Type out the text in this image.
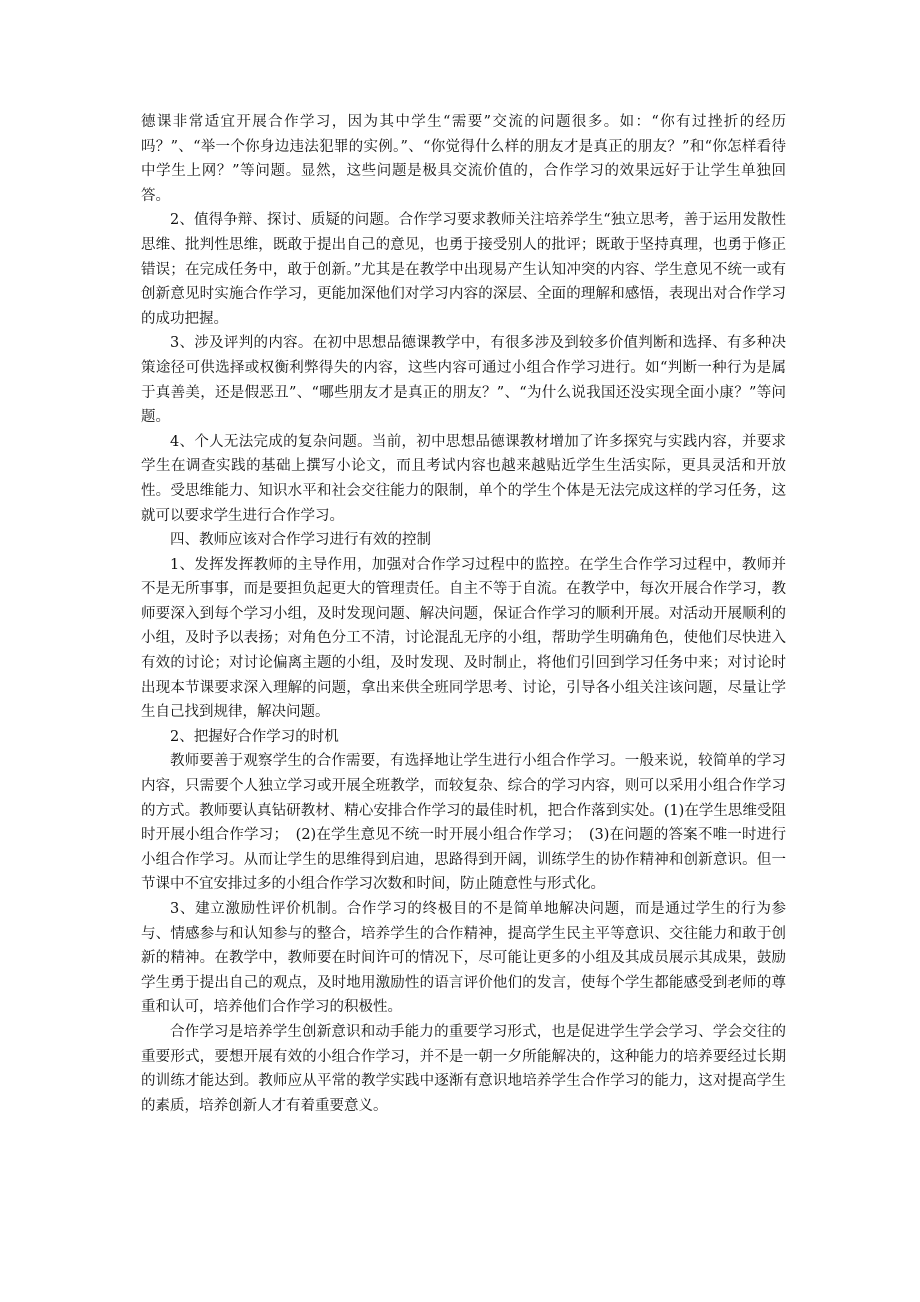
德课非常适宜开展合作学习，因为其中学生“需要”交流的问题很多。如：“你有过挫折的经历吗？”、“举一个你身边违法犯罪的实例。”、“你觉得什么样的朋友才是真正的朋友？”和“你怎样看待中学生上网？”等问题。显然，这些问题是极具交流价值的，合作学习的效果远好于让学生单独回答。

2、值得争辩、探讨、质疑的问题。合作学习要求教师关注培养学生“独立思考，善于运用发散性思维、批判性思维，既敢于提出自己的意见，也勇于接受别人的批评；既敢于坚持真理，也勇于修正错误；在完成任务中，敢于创新。”尤其是在教学中出现易产生认知冲突的内容、学生意见不统一或有创新意见时实施合作学习，更能加深他们对学习内容的深层、全面的理解和感悟，表现出对合作学习的成功把握。

3、涉及评判的内容。在初中思想品德课教学中，有很多涉及到较多价值判断和选择、有多种决策途径可供选择或权衡利弊得失的内容，这些内容可通过小组合作学习进行。如“判断一种行为是属于真善美，还是假恶丑”、“哪些朋友才是真正的朋友？”、“为什么说我国还没实现全面小康？”等问题。

4、个人无法完成的复杂问题。当前，初中思想品德课教材增加了许多探究与实践内容，并要求学生在调查实践的基础上撰写小论文，而且考试内容也越来越贴近学生生活实际，更具灵活和开放性。受思维能力、知识水平和社会交往能力的限制，单个的学生个体是无法完成这样的学习任务，这就可以要求学生进行合作学习。

四、教师应该对合作学习进行有效的控制

1、发挥发挥教师的主导作用，加强对合作学习过程中的监控。在学生合作学习过程中，教师并不是无所事事，而是要担负起更大的管理责任。自主不等于自流。在教学中，每次开展合作学习，教师要深入到每个学习小组，及时发现问题、解决问题，保证合作学习的顺利开展。对活动开展顺利的小组，及时予以表扬；对角色分工不清，讨论混乱无序的小组，帮助学生明确角色，使他们尽快进入有效的讨论；对讨论偏离主题的小组，及时发现、及时制止，将他们引回到学习任务中来；对讨论时出现本节课要求深入理解的问题，拿出来供全班同学思考、讨论，引导各小组关注该问题，尽量让学生自己找到规律，解决问题。

2、把握好合作学习的时机

教师要善于观察学生的合作需要，有选择地让学生进行小组合作学习。一般来说，较简单的学习内容，只需要个人独立学习或开展全班教学，而较复杂、综合的学习内容，则可以采用小组合作学习的方式。教师要认真钻研教材、精心安排合作学习的最佳时机，把合作落到实处。(1)在学生思维受阻时开展小组合作学习；　(2)在学生意见不统一时开展小组合作学习；　(3)在问题的答案不唯一时进行小组合作学习。从而让学生的思维得到启迪，思路得到开阔，训练学生的协作精神和创新意识。但一节课中不宜安排过多的小组合作学习次数和时间，防止随意性与形式化。

3、建立激励性评价机制。合作学习的终极目的不是简单地解决问题，而是通过学生的行为参与、情感参与和认知参与的整合，培养学生的合作精神，提高学生民主平等意识、交往能力和敢于创新的精神。在教学中，教师要在时间许可的情况下，尽可能让更多的小组及其成员展示其成果，鼓励学生勇于提出自己的观点，及时地用激励性的语言评价他们的发言，使每个学生都能感受到老师的尊重和认可，培养他们合作学习的积极性。

合作学习是培养学生创新意识和动手能力的重要学习形式，也是促进学生学会学习、学会交往的重要形式，要想开展有效的小组合作学习，并不是一朝一夕所能解决的，这种能力的培养要经过长期的训练才能达到。教师应从平常的教学实践中逐渐有意识地培养学生合作学习的能力，这对提高学生的素质，培养创新人才有着重要意义。
